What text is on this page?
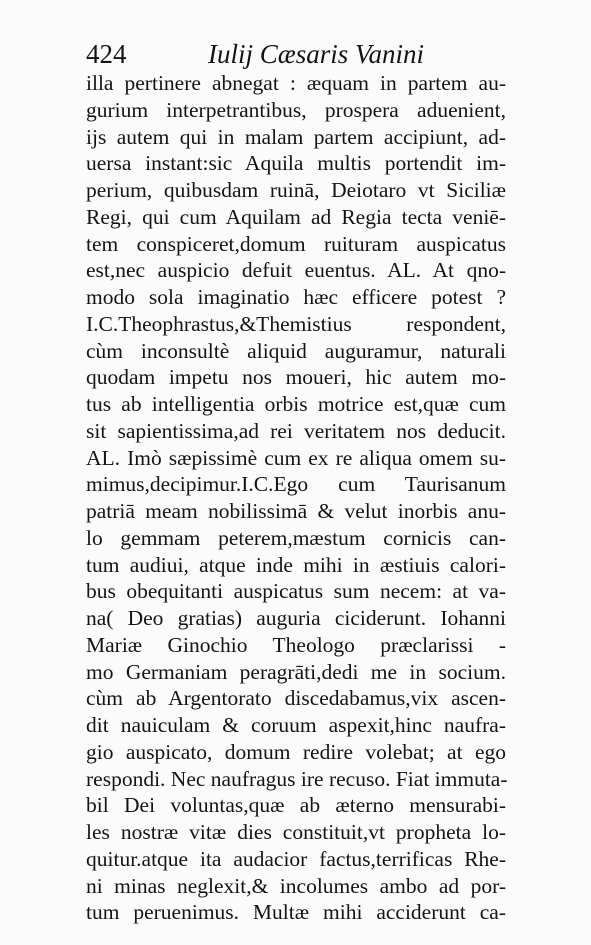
424	Iulij Cæsaris Vanini
illa pertinere abnegat : æquam in partem au-
gurium interpetrantibus, prospera aduenient,
ijs autem qui in malam partem accipiunt, ad-
uersa instant:sic Aquila multis portendit im-
perium, quibusdam ruinā, Deiotaro vt Siciliæ
Regi, qui cum Aquilam ad Regia tecta veniē-
tem conspiceret,domum ruituram auspicatus
est,nec auspicio defuit euentus. AL. At qno-
modo sola imaginatio hæc efficere potest ?
I.C.Theophrastus,&Themistius respondent,
cùm inconsultè aliquid auguramur, naturali
quodam impetu nos moueri, hic autem mo-
tus ab intelligentia orbis motrice est,quæ cum
sit sapientissima,ad rei veritatem nos deducit.
AL. Imò sæpissimè cum ex re aliqua omem su-
mimus,decipimur.I.C.Ego cum Taurisanum
patriā meam nobilissimā & velut inorbis anu-
lo gemmam peterem,mæstum cornicis can-
tum audiui, atque inde mihi in æstiuis calori-
bus obequitanti auspicatus sum necem: at va-
na( Deo gratias) auguria ciciderunt. Iohanni
Mariæ Ginochio Theologo præclarissi -
mo Germaniam peragrāti,dedi me in socium.
cùm ab Argentorato discedabamus,vix ascen-
dit nauiculam & coruum aspexit,hinc naufra-
gio auspicato, domum redire volebat; at ego
respondi. Nec naufragus ire recuso. Fiat immuta-
bil Dei voluntas,quæ ab æterno mensurabi-
les nostræ vitæ dies constituit,vt propheta lo-
quitur.atque ita audacior factus,terrificas Rhe-
ni minas neglexit,& incolumes ambo ad por-
tum peruenimus. Multæ mihi acciderunt ca-
